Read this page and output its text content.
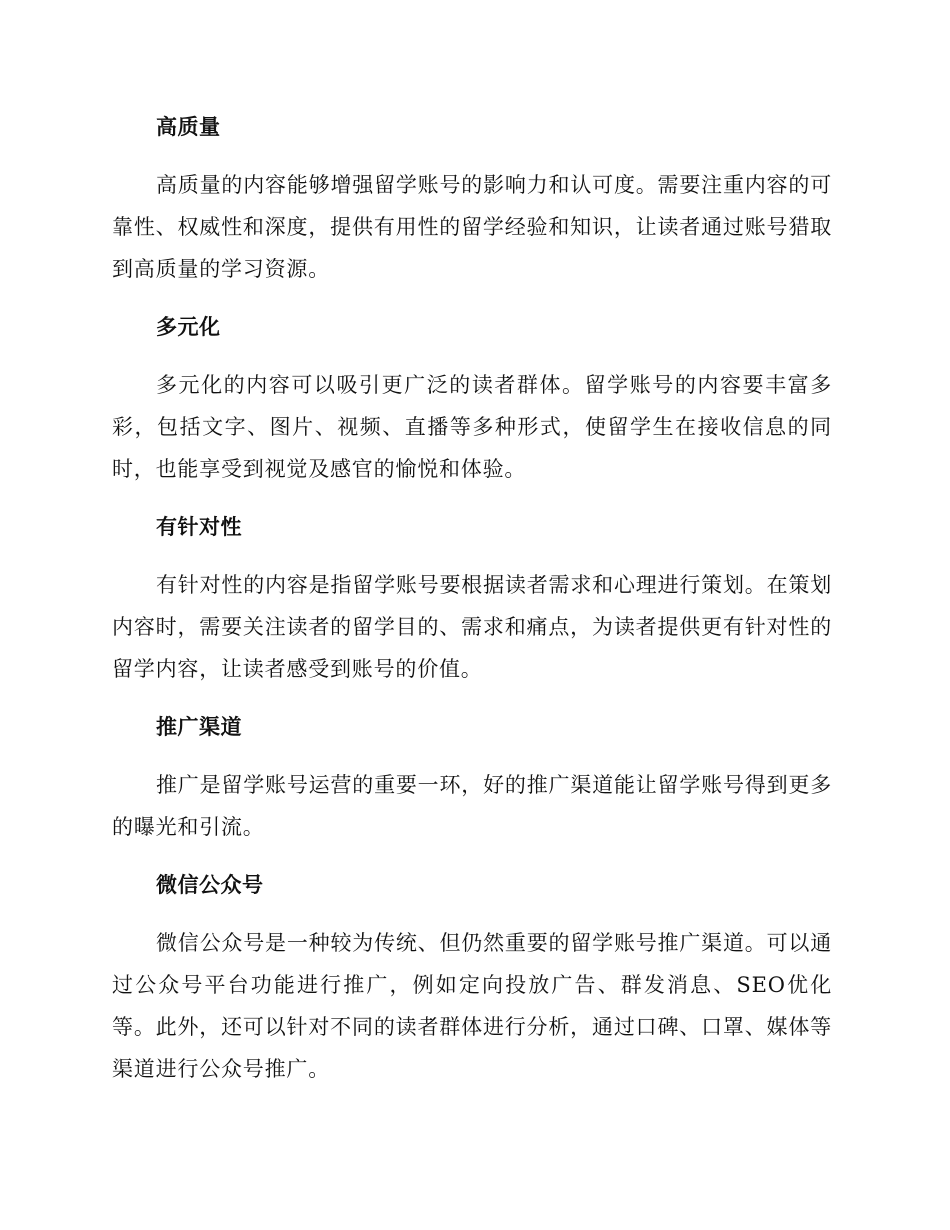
高质量

高质量的内容能够增强留学账号的影响力和认可度。需要注重内容的可靠性、权威性和深度，提供有用性的留学经验和知识，让读者通过账号猎取到高质量的学习资源。

多元化

多元化的内容可以吸引更广泛的读者群体。留学账号的内容要丰富多彩，包括文字、图片、视频、直播等多种形式，使留学生在接收信息的同时，也能享受到视觉及感官的愉悦和体验。

有针对性

有针对性的内容是指留学账号要根据读者需求和心理进行策划。在策划内容时，需要关注读者的留学目的、需求和痛点，为读者提供更有针对性的留学内容，让读者感受到账号的价值。

推广渠道

推广是留学账号运营的重要一环，好的推广渠道能让留学账号得到更多的曝光和引流。

微信公众号

微信公众号是一种较为传统、但仍然重要的留学账号推广渠道。可以通过公众号平台功能进行推广，例如定向投放广告、群发消息、SEO优化等。此外，还可以针对不同的读者群体进行分析，通过口碑、口罩、媒体等渠道进行公众号推广。
